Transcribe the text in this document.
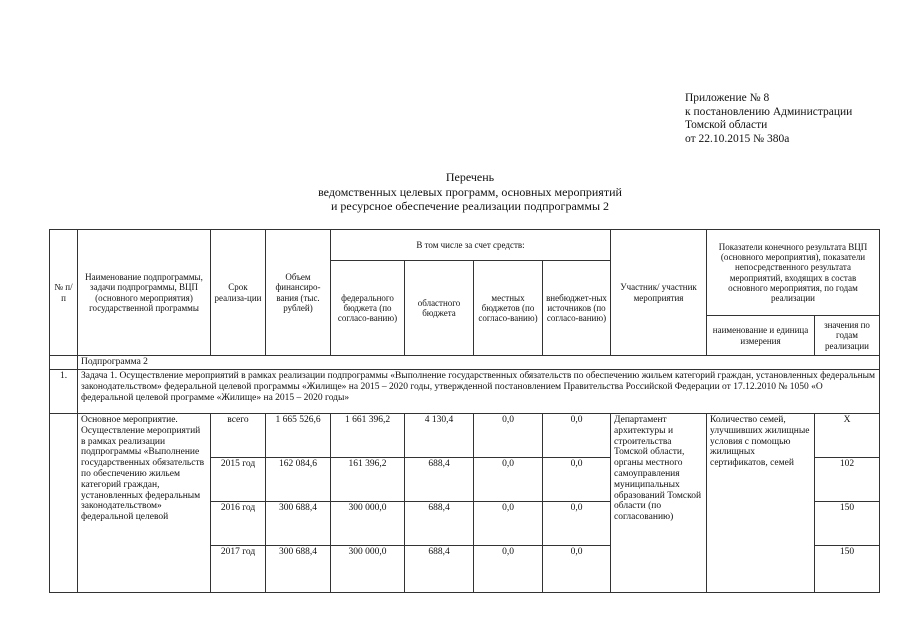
Приложение № 8
к постановлению Администрации
Томской области
от 22.10.2015 № 380а
Перечень
ведомственных целевых программ, основных мероприятий
и ресурсное обеспечение реализации подпрограммы 2
№ п/п	Наименование подпрограммы, задачи подпрограммы, ВЦП (основного мероприятия) государственной программы	Срок реализа-ции	Объем финансиро-вания (тыс. рублей)	В том числе за счет средств:				Участник/ участник мероприятия	Показатели конечного результата ВЦП (основного мероприятия), показатели непосредственного результата мероприятий, входящих в состав основного мероприятия, по годам реализации	
				федерального бюджета (по согласо-ванию)	областного бюджета	местных бюджетов (по согласо-ванию)	внебюджет-ных источников (по согласо-ванию)			
									наименование и единица измерения	значения по годам реализации
	Подпрограмма 2									
1.	Задача 1. Осуществление мероприятий в рамках реализации подпрограммы «Выполнение государственных обязательств по обеспечению жильем категорий граждан, установленных федеральным законодательством» федеральной целевой программы «Жилище» на 2015 – 2020 годы, утвержденной постановлением Правительства Российской Федерации от 17.12.2010 № 1050 «О федеральной целевой программе «Жилище» на 2015 – 2020 годы»									
	Основное мероприятие. Осуществление мероприятий в рамках реализации подпрограммы «Выполнение государственных обязательств по обеспечению жильем категорий граждан, установленных федеральным законодательством» федеральной целевой	всего	1 665 526,6	1 661 396,2	4 130,4	0,0	0,0	Департамент архитектуры и строительства Томской области, органы местного самоуправления муниципальных образований Томской области (по согласованию)	Количество семей, улучшивших жилищные условия с помощью жилищных сертификатов, семей	X
		2015 год	162 084,6	161 396,2	688,4	0,0	0,0			102
		2016 год	300 688,4	300 000,0	688,4	0,0	0,0			150
		2017 год	300 688,4	300 000,0	688,4	0,0	0,0			150
